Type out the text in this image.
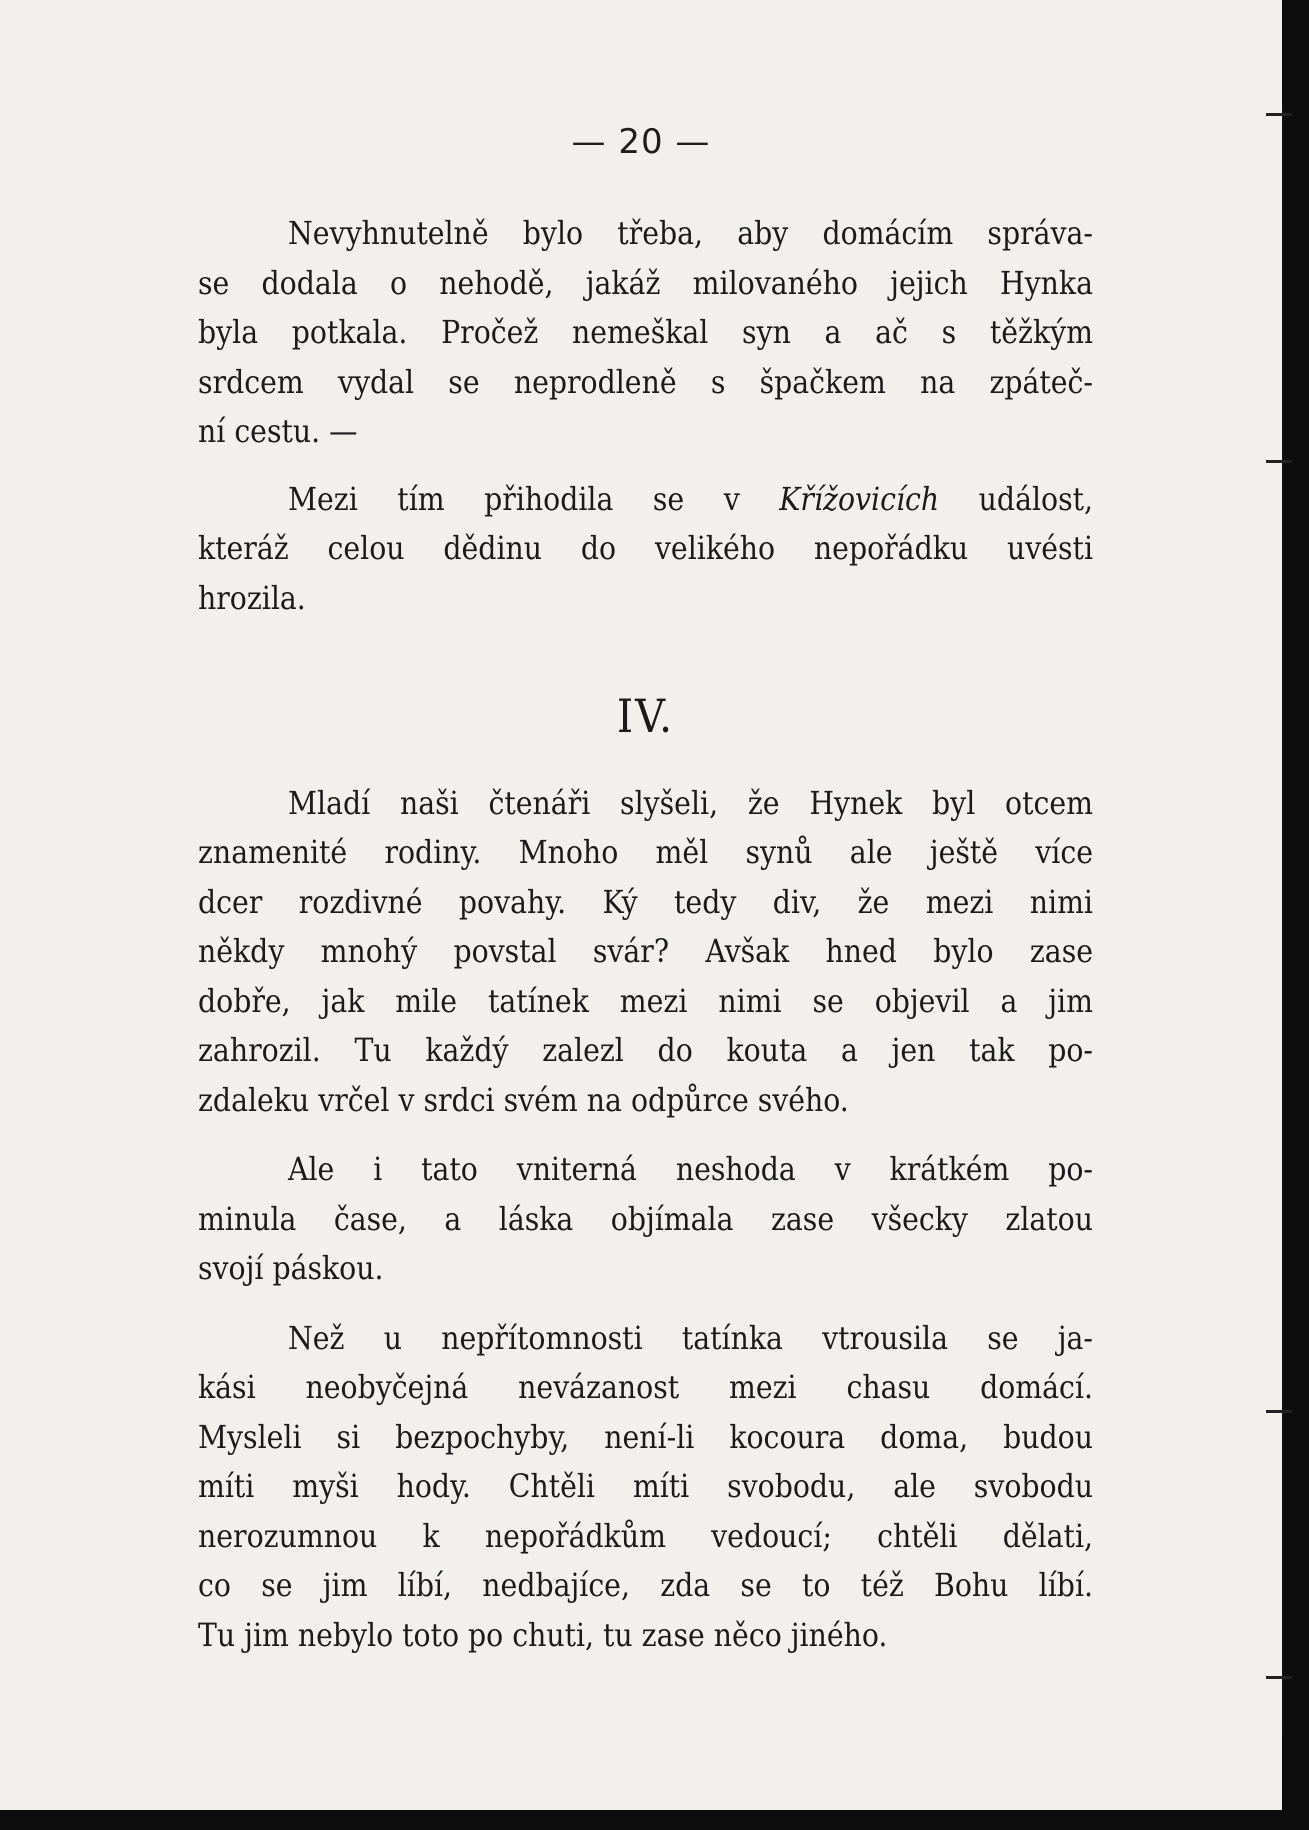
— 20 —
Nevyhnutelně bylo třeba, aby domácím správa-
se dodala o nehodě, jakáž milovaného jejich Hynka
byla potkala. Pročež nemeškal syn a ač s těžkým
srdcem vydal se neprodleně s špačkem na zpáteč-
ní cestu. —
Mezi tím přihodila se v Křížovicích událost,
kteráž celou dědinu do velikého nepořádku uvésti
hrozila.
IV.
Mladí naši čtenáři slyšeli, že Hynek byl otcem
znamenité rodiny. Mnoho měl synů ale ještě více
dcer rozdivné povahy. Ký tedy div, že mezi nimi
někdy mnohý povstal svár? Avšak hned bylo zase
dobře, jak mile tatínek mezi nimi se objevil a jim
zahrozil. Tu každý zalezl do kouta a jen tak po-
zdaleku vrčel v srdci svém na odpůrce svého.
Ale i tato vniterná neshoda v krátkém po-
minula čase, a láska objímala zase všecky zlatou
svojí páskou.
Než u nepřítomnosti tatínka vtrousila se ja-
kási neobyčejná nevázanost mezi chasu domácí.
Mysleli si bezpochyby, není-li kocoura doma, budou
míti myši hody. Chtěli míti svobodu, ale svobodu
nerozumnou k nepořádkům vedoucí; chtěli dělati,
co se jim líbí, nedbajíce, zda se to též Bohu líbí.
Tu jim nebylo toto po chuti, tu zase něco jiného.
